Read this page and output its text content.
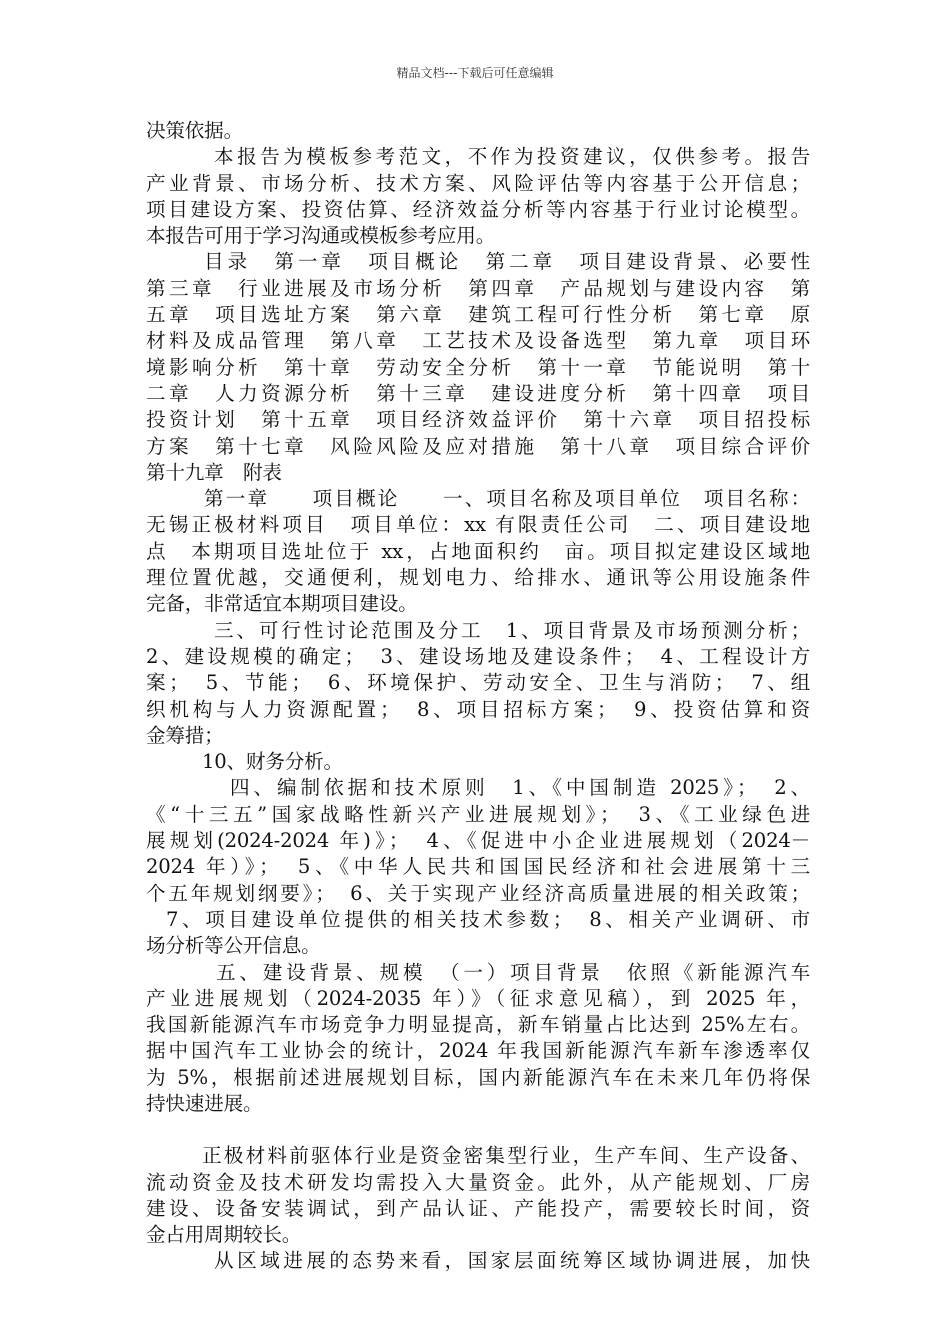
精品文档---下载后可任意编辑
决策依据。
本报告为模板参考范文，不作为投资建议，仅供参考。报告
产业背景、市场分析、技术方案、风险评估等内容基于公开信息；
项目建设方案、投资估算、经济效益分析等内容基于行业讨论模型。
本报告可用于学习沟通或模板参考应用。
目录　第一章　项目概论　第二章　项目建设背景、必要性
第三章　行业进展及市场分析　第四章　产品规划与建设内容　第
五章　项目选址方案　第六章　建筑工程可行性分析　第七章　原
材料及成品管理　第八章　工艺技术及设备选型　第九章　项目环
境影响分析　第十章　劳动安全分析　第十一章　节能说明　第十
二章　人力资源分析　第十三章　建设进度分析　第十四章　项目
投资计划　第十五章　项目经济效益评价　第十六章　项目招投标
方案　第十七章　风险风险及应对措施　第十八章　项目综合评价
第十九章　附表
第一章　　项目概论　　一、项目名称及项目单位　项目名称：
无锡正极材料项目　项目单位：xx 有限责任公司　二、项目建设地
点　本期项目选址位于 xx，占地面积约　亩。项目拟定建设区域地
理位置优越，交通便利，规划电力、给排水、通讯等公用设施条件
完备，非常适宜本期项目建设。
三、可行性讨论范围及分工　1、项目背景及市场预测分析；
2、建设规模的确定；　3、建设场地及建设条件；　4、工程设计方
案；　5、节能；　6、环境保护、劳动安全、卫生与消防；　7、组
织机构与人力资源配置；　8、项目招标方案；　9、投资估算和资
金筹措；
10、财务分析。
四、编制依据和技术原则　1、《中国制造 2025》；　2、
《“十三五”国家战略性新兴产业进展规划》；　3、《工业绿色进
展规划(2024-2024 年)》；　4、《促进中小企业进展规划（2024－
2024 年）》；　5、《中华人民共和国国民经济和社会进展第十三
个五年规划纲要》；　6、关于实现产业经济高质量进展的相关政策；
7、项目建设单位提供的相关技术参数；　8、相关产业调研、市
场分析等公开信息。
五、建设背景、规模　（一）项目背景　依照《新能源汽车
产业进展规划（2024-2035 年）》（征求意见稿），到 2025 年，
我国新能源汽车市场竞争力明显提高，新车销量占比达到 25%左右。
据中国汽车工业协会的统计，2024 年我国新能源汽车新车渗透率仅
为 5%，根据前述进展规划目标，国内新能源汽车在未来几年仍将保
持快速进展。
正极材料前驱体行业是资金密集型行业，生产车间、生产设备、
流动资金及技术研发均需投入大量资金。此外，从产能规划、厂房
建设、设备安装调试，到产品认证、产能投产，需要较长时间，资
金占用周期较长。
从区域进展的态势来看，国家层面统筹区域协调进展，加快
